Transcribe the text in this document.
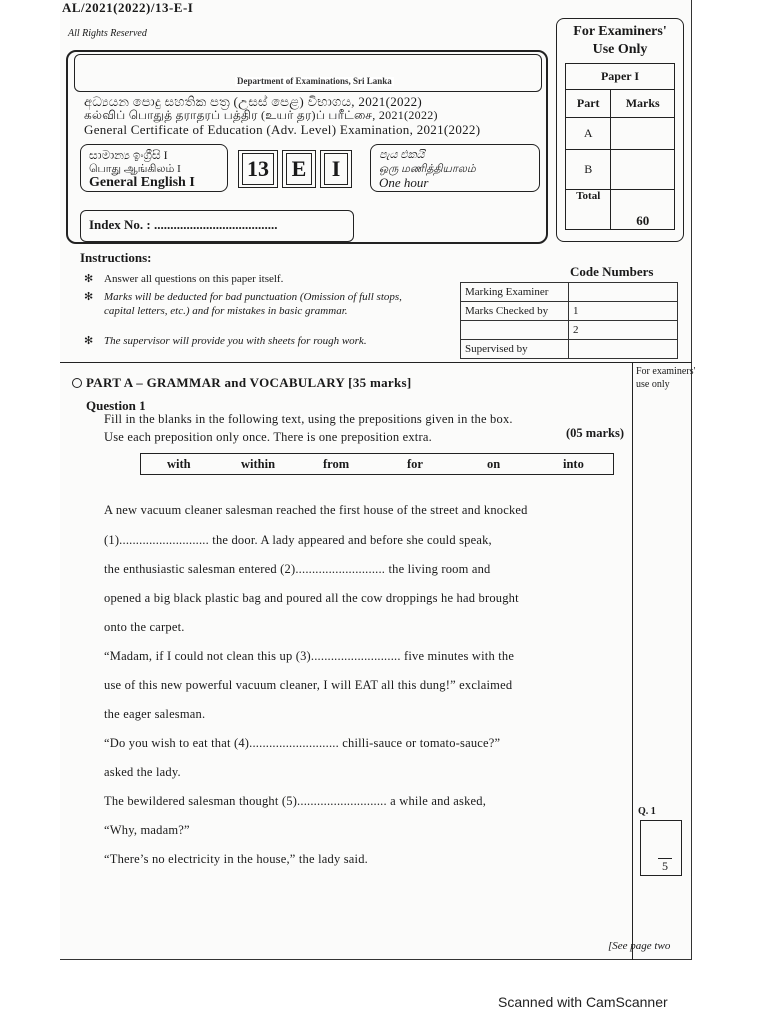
AL/2021(2022)/13-E-I
All Rights Reserved
Department of Examinations, Sri Lanka
අධ්‍යයන පොදු සහතික පත්‍ර (උසස් පෙළ) විභාගය, 2021(2022)
கல்விப் பொதுத் தராதரப் பத்திர (உயர் தர)ப் பரீட்சை, 2021(2022)
General Certificate of Education (Adv. Level) Examination, 2021(2022)
සාමාන්‍ය ඉංග්‍රීසි I
பொது ஆங்கிலம் I
General English I
13 E	I
පැය එකයි
ஒரு மணித்தியாலம்
One hour
Index No. : ......................................
For Examiners'
Use Only
Paper I	
Part	Marks
A	
B	
Total	60
Instructions:
✻ Answer all questions on this paper itself.
✻ Marks will be deducted for bad punctuation (Omission of full stops, capital letters, etc.) and for mistakes in basic grammar.
✻ The supervisor will provide you with sheets for rough work.
Code Numbers
Marking Examiner	
Marks Checked by	1
	2
Supervised by	
For examiners' use only
PART A – GRAMMAR and VOCABULARY [35 marks]
Question 1
Fill in the blanks in the following text, using the prepositions given in the box.
Use each preposition only once. There is one preposition extra.	(05 marks)
with	within	from	for	on	into
A new vacuum cleaner salesman reached the first house of the street and knocked
(1)........................... the door. A lady appeared and before she could speak,
the enthusiastic salesman entered (2)........................... the living room and
opened a big black plastic bag and poured all the cow droppings he had brought
onto the carpet.
“Madam, if I could not clean this up (3)........................... five minutes with the
use of this new powerful vacuum cleaner, I will EAT all this dung!” exclaimed
the eager salesman.
“Do you wish to eat that (4)........................... chilli-sauce or tomato-sauce?”
asked the lady.
The bewildered salesman thought (5)........................... a while and asked,
“Why, madam?”
“There’s no electricity in the house,” the lady said.
Q. 1
5
[See page two
Scanned with CamScanner
